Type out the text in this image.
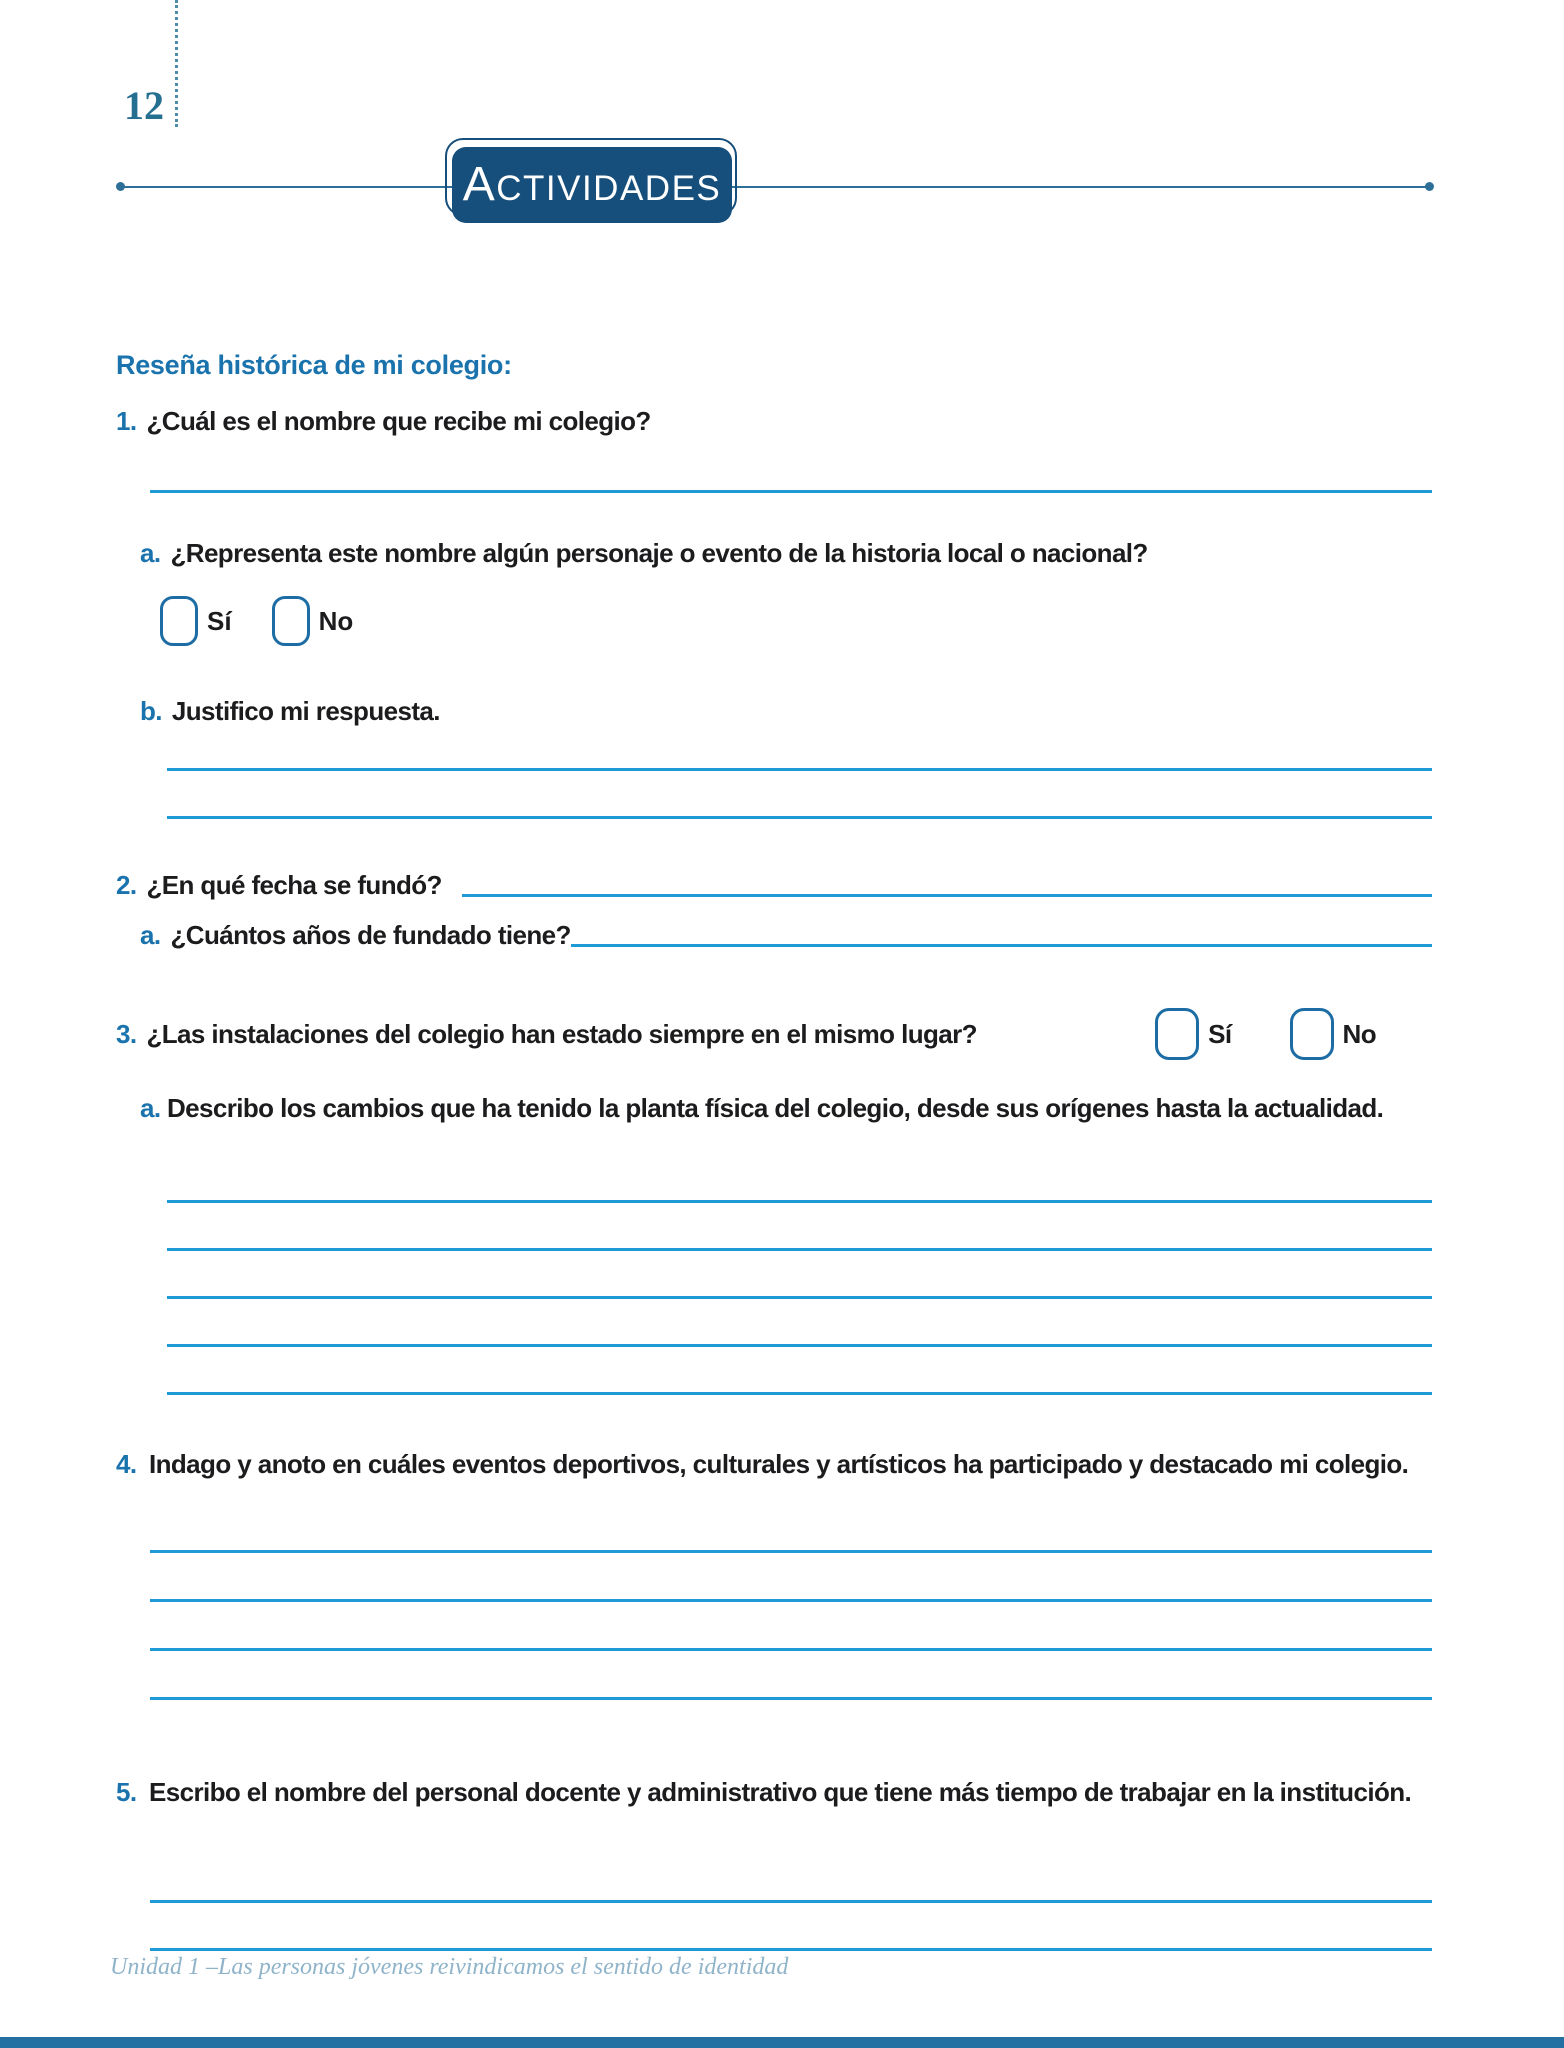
12
ACTIVIDADES
Reseña histórica de mi colegio:
1. ¿Cuál es el nombre que recibe mi colegio?
a. ¿Representa este nombre algún personaje o evento de la historia local o nacional?
Sí	No
b. Justifico mi respuesta.
2. ¿En qué fecha se fundó?
a. ¿Cuántos años de fundado tiene?
3. ¿Las instalaciones del colegio han estado siempre en el mismo lugar?	Sí	No
a. Describo los cambios que ha tenido la planta física del colegio, desde sus orígenes hasta la actualidad.
4. Indago y anoto en cuáles eventos deportivos, culturales y artísticos ha participado y destacado mi colegio.
5. Escribo el nombre del personal docente y administrativo que tiene más tiempo de trabajar en la institución.
Unidad 1 –Las personas jóvenes reivindicamos el sentido de identidad
